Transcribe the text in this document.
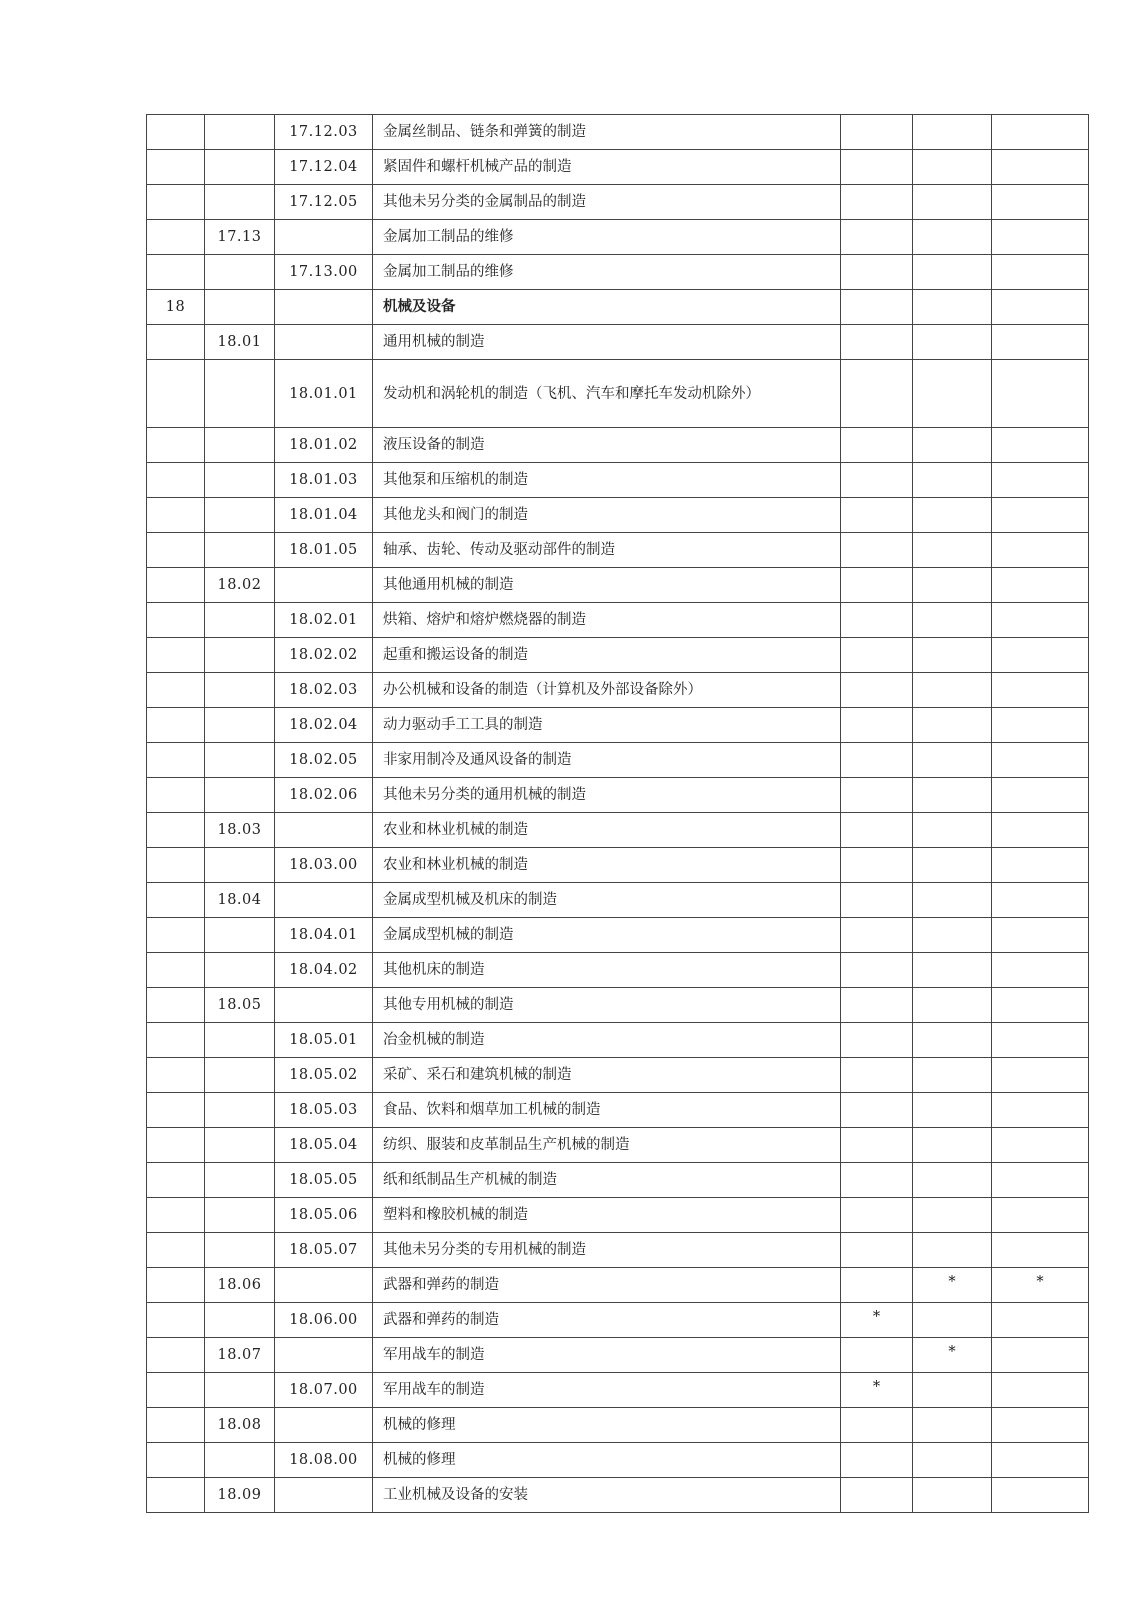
		17.12.03	金属丝制品、链条和弹簧的制造			
		17.12.04	紧固件和螺杆机械产品的制造			
		17.12.05	其他未另分类的金属制品的制造			
	17.13		金属加工制品的维修			
		17.13.00	金属加工制品的维修			
18			机械及设备			
	18.01		通用机械的制造			
		18.01.01	发动机和涡轮机的制造（飞机、汽车和摩托车发动机除外）			
		18.01.02	液压设备的制造			
		18.01.03	其他泵和压缩机的制造			
		18.01.04	其他龙头和阀门的制造			
		18.01.05	轴承、齿轮、传动及驱动部件的制造			
	18.02		其他通用机械的制造			
		18.02.01	烘箱、熔炉和熔炉燃烧器的制造			
		18.02.02	起重和搬运设备的制造			
		18.02.03	办公机械和设备的制造（计算机及外部设备除外）			
		18.02.04	动力驱动手工工具的制造			
		18.02.05	非家用制冷及通风设备的制造			
		18.02.06	其他未另分类的通用机械的制造			
	18.03		农业和林业机械的制造			
		18.03.00	农业和林业机械的制造			
	18.04		金属成型机械及机床的制造			
		18.04.01	金属成型机械的制造			
		18.04.02	其他机床的制造			
	18.05		其他专用机械的制造			
		18.05.01	冶金机械的制造			
		18.05.02	采矿、采石和建筑机械的制造			
		18.05.03	食品、饮料和烟草加工机械的制造			
		18.05.04	纺织、服装和皮革制品生产机械的制造			
		18.05.05	纸和纸制品生产机械的制造			
		18.05.06	塑料和橡胶机械的制造			
		18.05.07	其他未另分类的专用机械的制造			
	18.06		武器和弹药的制造		*	*
		18.06.00	武器和弹药的制造	*		
	18.07		军用战车的制造		*	
		18.07.00	军用战车的制造	*		
	18.08		机械的修理			
		18.08.00	机械的修理			
	18.09		工业机械及设备的安装			
